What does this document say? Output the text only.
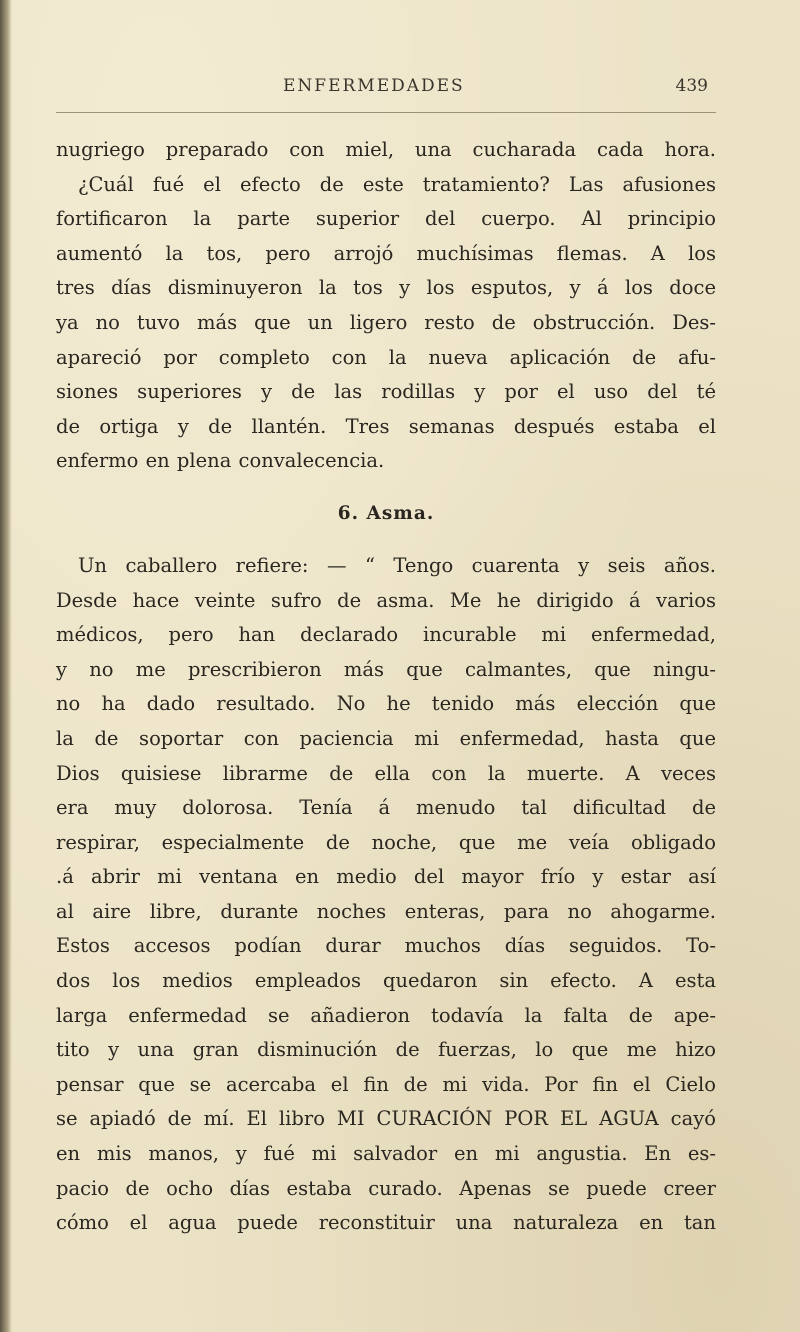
ENFERMEDADES	439
nugriego preparado con miel, una cucharada cada hora.
¿Cuál fué el efecto de este tratamiento? Las afusiones
fortificaron la parte superior del cuerpo. Al principio
aumentó la tos, pero arrojó muchísimas flemas. A los
tres días disminuyeron la tos y los esputos, y á los doce
ya no tuvo más que un ligero resto de obstrucción. Des-
apareció por completo con la nueva aplicación de afu-
siones superiores y de las rodillas y por el uso del té
de ortiga y de llantén. Tres semanas después estaba el
enfermo en plena convalecencia.
6. Asma.
Un caballero refiere: — “ Tengo cuarenta y seis años.
Desde hace veinte sufro de asma. Me he dirigido á varios
médicos, pero han declarado incurable mi enfermedad,
y no me prescribieron más que calmantes, que ningu-
no ha dado resultado. No he tenido más elección que
la de soportar con paciencia mi enfermedad, hasta que
Dios quisiese librarme de ella con la muerte. A veces
era muy dolorosa. Tenía á menudo tal dificultad de
respirar, especialmente de noche, que me veía obligado
.á abrir mi ventana en medio del mayor frío y estar así
al aire libre, durante noches enteras, para no ahogarme.
Estos accesos podían durar muchos días seguidos. To-
dos los medios empleados quedaron sin efecto. A esta
larga enfermedad se añadieron todavía la falta de ape-
tito y una gran disminución de fuerzas, lo que me hizo
pensar que se acercaba el fin de mi vida. Por fin el Cielo
se apiadó de mí. El libro MI CURACIÓN POR EL AGUA cayó
en mis manos, y fué mi salvador en mi angustia. En es-
pacio de ocho días estaba curado. Apenas se puede creer
cómo el agua puede reconstituir una naturaleza en tan
